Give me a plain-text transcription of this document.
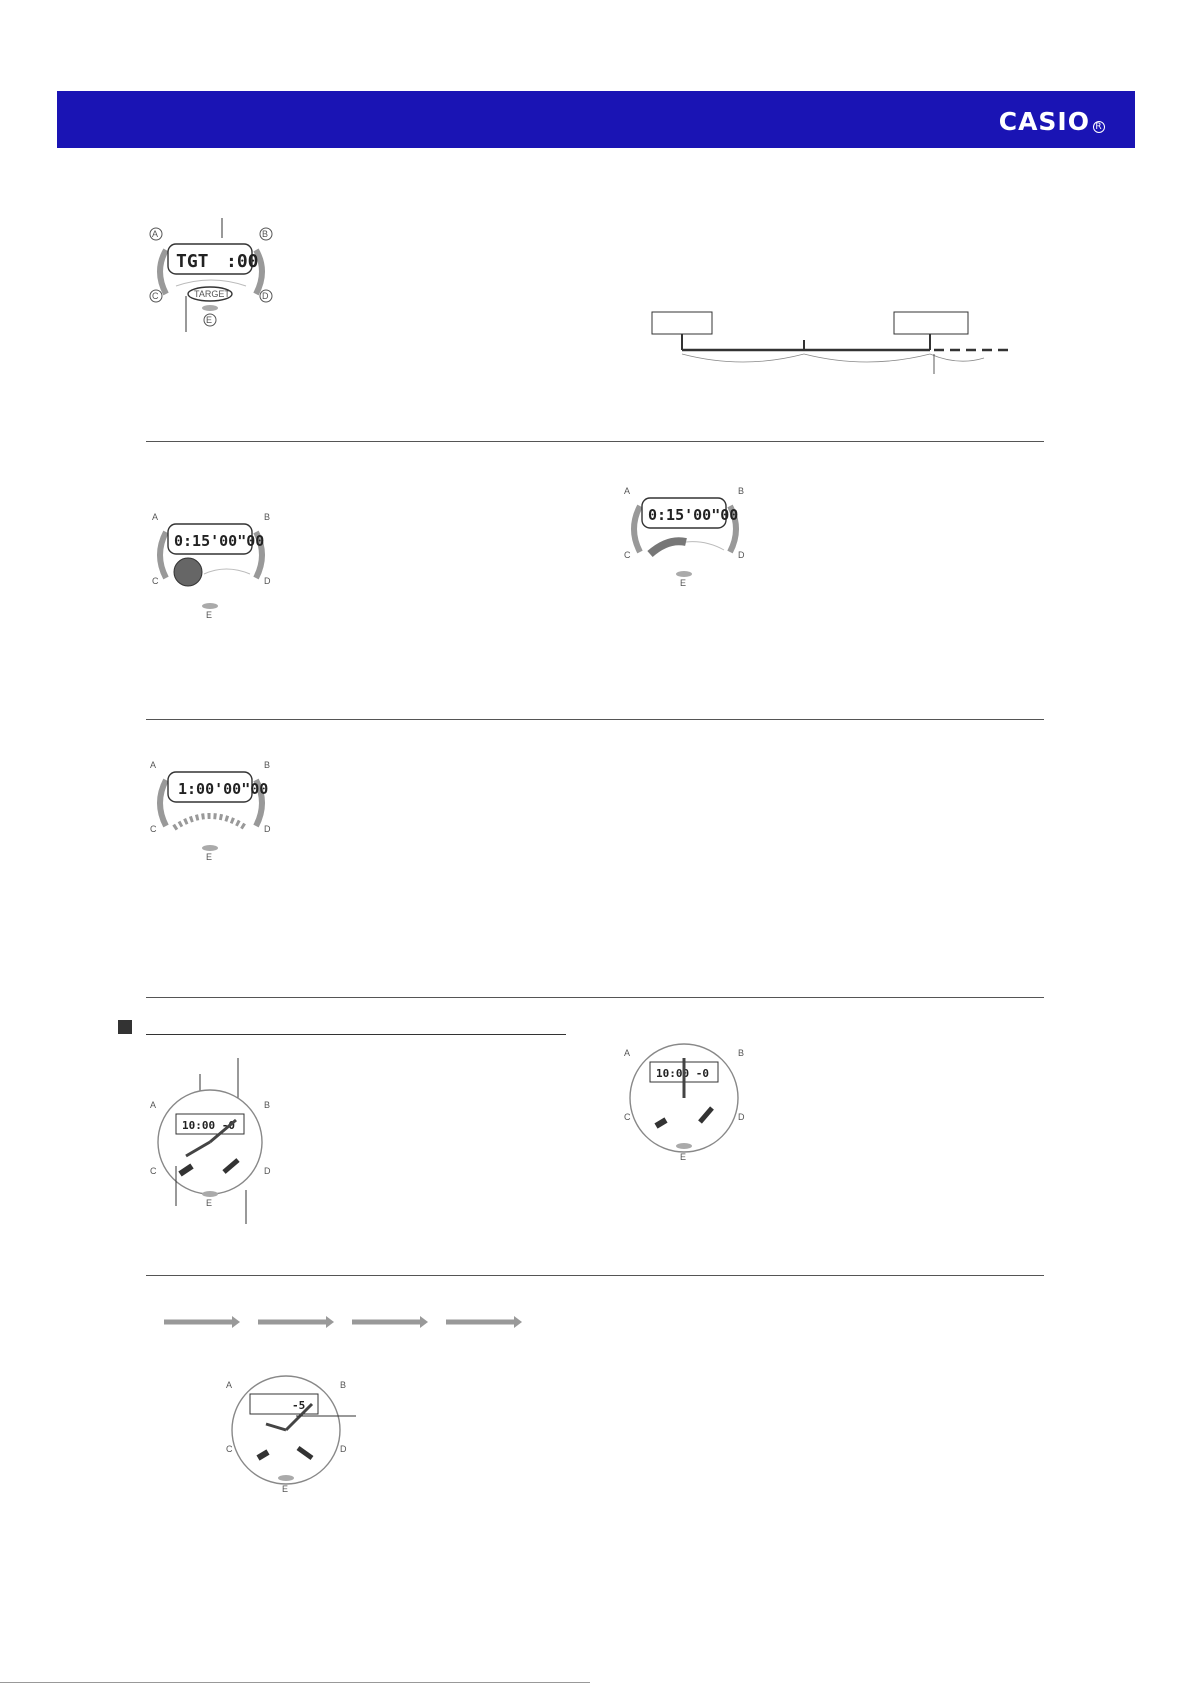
CASIO R
TGT :00
TARGET
A	B
C	D
E
0:15'00"00
A	B
C	D
E
0:15'00"00
A	B
C	D
E
1:00'00"00
A	B
C	D
E
10:00 -0
A	B
C	D
E
10:00 -0
A	B
C	D
E
-5
A	B
C	D
E
